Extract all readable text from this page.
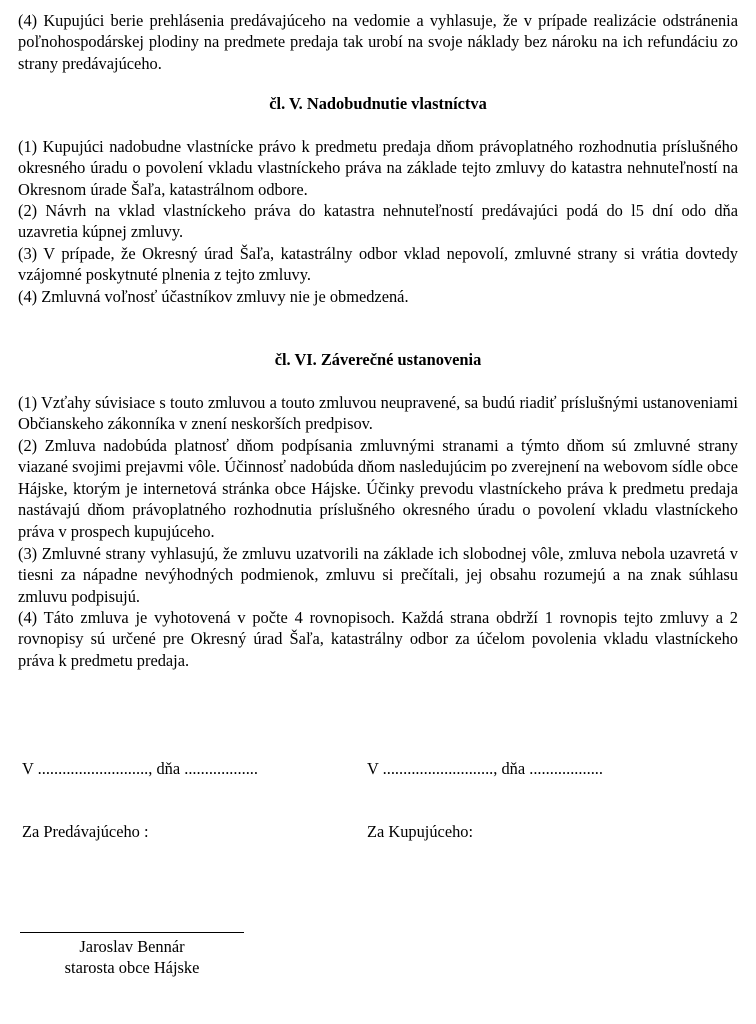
(4) Kupujúci berie prehlásenia predávajúceho na vedomie a vyhlasuje, že v prípade realizácie odstránenia poľnohospodárskej plodiny na predmete predaja tak urobí na svoje náklady bez nároku na ich refundáciu zo strany predávajúceho.

čl. V. Nadobudnutie vlastníctva

(1) Kupujúci nadobudne vlastnícke právo k predmetu predaja dňom právoplatného rozhodnutia príslušného okresného úradu o povolení vkladu vlastníckeho práva na základe tejto zmluvy do katastra nehnuteľností na Okresnom úrade Šaľa, katastrálnom odbore.

(2) Návrh na vklad vlastníckeho práva do katastra nehnuteľností predávajúci podá do l5 dní odo dňa uzavretia kúpnej zmluvy.

(3) V prípade, že Okresný úrad Šaľa, katastrálny odbor vklad nepovolí, zmluvné strany si vrátia dovtedy vzájomné poskytnuté plnenia z tejto zmluvy.

(4) Zmluvná voľnosť účastníkov zmluvy nie je obmedzená.

čl. VI. Záverečné ustanovenia

(1) Vzťahy súvisiace s touto zmluvou a touto zmluvou neupravené, sa budú riadiť príslušnými ustanoveniami Občianskeho zákonníka v znení neskorších predpisov.

(2) Zmluva nadobúda platnosť dňom podpísania zmluvnými stranami a týmto dňom sú zmluvné strany viazané svojimi prejavmi vôle. Účinnosť nadobúda dňom nasledujúcim po zverejnení na webovom sídle obce Hájske, ktorým je internetová stránka obce Hájske. Účinky prevodu vlastníckeho práva k predmetu predaja nastávajú dňom právoplatného rozhodnutia príslušného okresného úradu o povolení vkladu vlastníckeho práva v prospech kupujúceho.

(3) Zmluvné strany vyhlasujú, že zmluvu uzatvorili na základe ich slobodnej vôle, zmluva nebola uzavretá v tiesni za nápadne nevýhodných podmienok, zmluvu si prečítali, jej obsahu rozumejú a na znak súhlasu zmluvu podpisujú.

(4) Táto zmluva je vyhotovená v počte 4 rovnopisoch. Každá strana obdrží 1 rovnopis tejto zmluvy a 2 rovnopisy sú určené pre Okresný úrad Šaľa, katastrálny odbor za účelom povolenia vkladu vlastníckeho práva k predmetu predaja.

V ..........................., dňa ..................	V ..........................., dňa ..................
Za Predávajúceho :	Za Kupujúceho:
Jaroslav Bennár
starosta obce Hájske
